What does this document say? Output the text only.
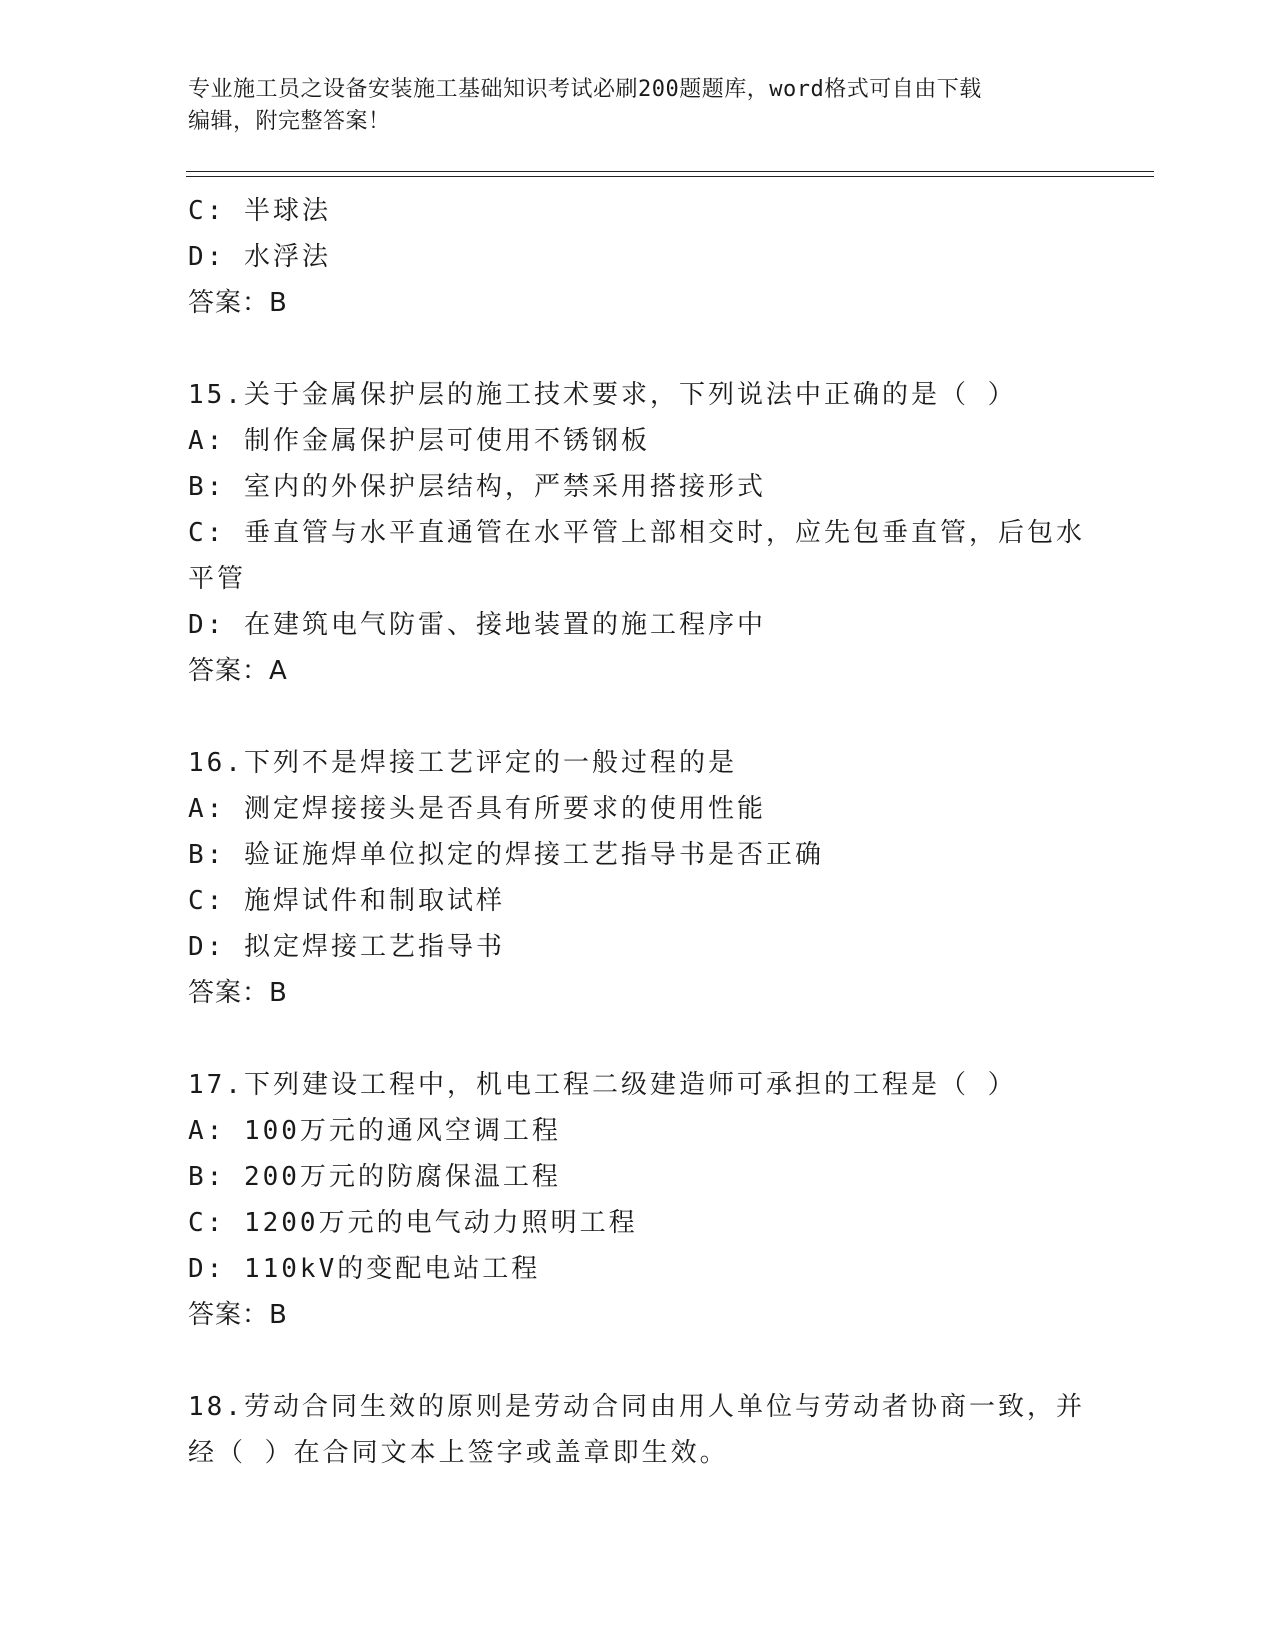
专业施工员之设备安装施工基础知识考试必刷200题题库，word格式可自由下载
编辑，附完整答案！
C: 半球法
D: 水浮法
答案：B
15.关于金属保护层的施工技术要求，下列说法中正确的是（ ）
A: 制作金属保护层可使用不锈钢板
B: 室内的外保护层结构，严禁采用搭接形式
C: 垂直管与水平直通管在水平管上部相交时，应先包垂直管，后包水平管
D: 在建筑电气防雷、接地装置的施工程序中
答案：A
16.下列不是焊接工艺评定的一般过程的是
A: 测定焊接接头是否具有所要求的使用性能
B: 验证施焊单位拟定的焊接工艺指导书是否正确
C: 施焊试件和制取试样
D: 拟定焊接工艺指导书
答案：B
17.下列建设工程中，机电工程二级建造师可承担的工程是（ ）
A: 100万元的通风空调工程
B: 200万元的防腐保温工程
C: 1200万元的电气动力照明工程
D: 110kV的变配电站工程
答案：B
18.劳动合同生效的原则是劳动合同由用人单位与劳动者协商一致，并经（ ）在合同文本上签字或盖章即生效。
